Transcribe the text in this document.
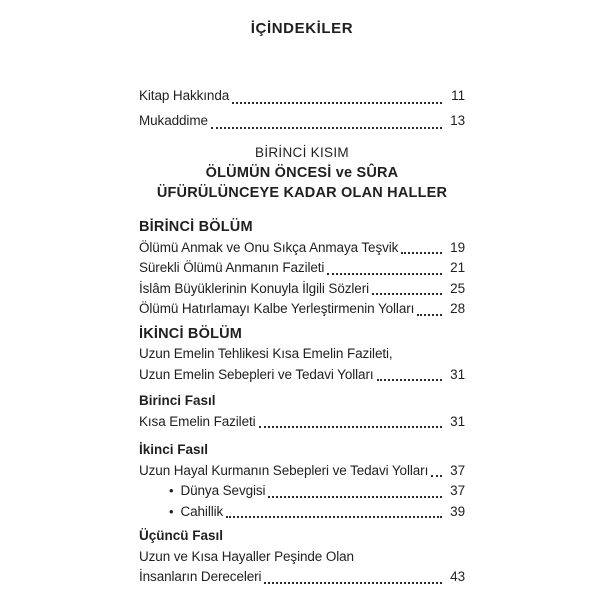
İÇİNDEKİLER
Kitap Hakkında	11
Mukaddime	13
BİRİNCİ KISIM
ÖLÜMÜN ÖNCESİ ve SÛRA
ÜFÜRÜLÜNCEYE KADAR OLAN HALLER
BİRİNCİ BÖLÜM
Ölümü Anmak ve Onu Sıkça Anmaya Teşvik	19
Sürekli Ölümü Anmanın Fazileti	21
İslâm Büyüklerinin Konuyla İlgili Sözleri	25
Ölümü Hatırlamayı Kalbe Yerleştirmenin Yolları	28
İKİNCİ BÖLÜM
Uzun Emelin Tehlikesi Kısa Emelin Fazileti,
Uzun Emelin Sebepleri ve Tedavi Yolları	31
Birinci Fasıl
Kısa Emelin Fazileti	31
İkinci Fasıl
Uzun Hayal Kurmanın Sebepleri ve Tedavi Yolları 37
• Dünya Sevgisi	37
• Cahillik	39
Üçüncü Fasıl
Uzun ve Kısa Hayaller Peşinde Olan
İnsanların Dereceleri	43
